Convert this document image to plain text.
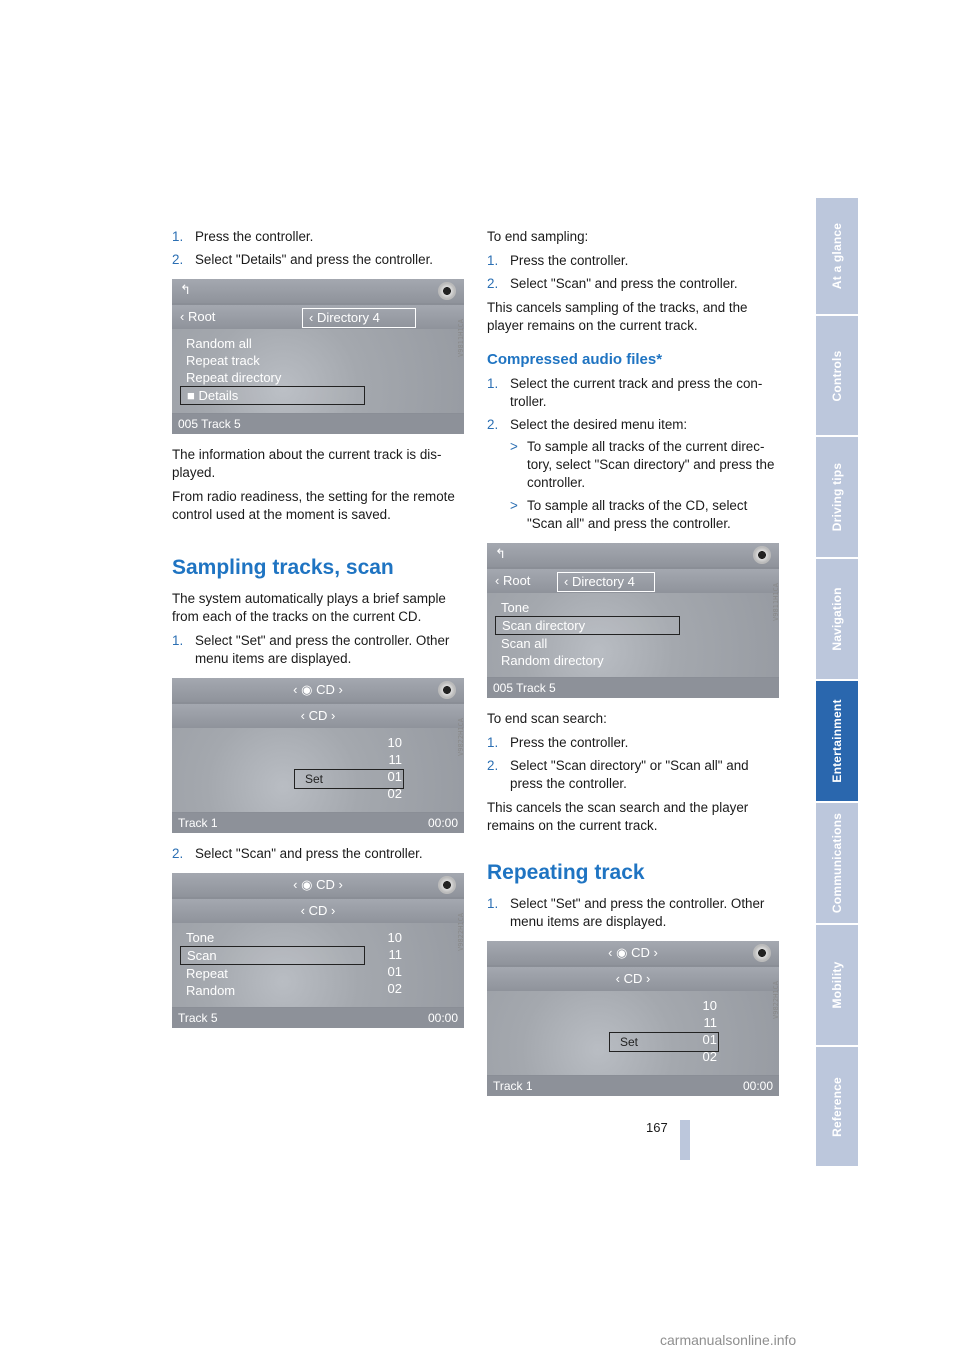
1. Press the controller.
2. Select "Details" and press the controller.
↰
‹ Root	‹ Directory 4
Random all
Repeat track
Repeat directory
■ Details
005 Track 5
V9811H1CA

The information about the current track is dis-played.

From radio readiness, the setting for the remote control used at the moment is saved.

Sampling tracks, scan

The system automatically plays a brief sample from each of the tracks on the current CD.

1. Select "Set" and press the controller. Other menu items are displayed.
‹ ◉ CD ›
‹ CD ›
10
11
01
02
Set
Track 1	00:00
V9822H1CA
2. Select "Scan" and press the controller.
‹ ◉ CD ›
‹ CD ›
Tone
Scan
Repeat
Random
10
11
01
02
Track 5	00:00
V9822H1CA

To end sampling:

1. Press the controller.
2. Select "Scan" and press the controller.

This cancels sampling of the tracks, and the player remains on the current track.

Compressed audio files*
1. Select the current track and press the con-troller.
2. Select the desired menu item:
> To sample all tracks of the current direc-tory, select "Scan directory" and press the controller.
> To sample all tracks of the CD, select "Scan all" and press the controller.
↰
‹ Root	‹ Directory 4
Tone
Scan directory
Scan all
Random directory
005 Track 5
V9811H1CA

To end scan search:

1. Press the controller.
2. Select "Scan directory" or "Scan all" and press the controller.

This cancels the scan search and the player remains on the current track.

Repeating track
1. Select "Set" and press the controller. Other menu items are displayed.
‹ ◉ CD ›
‹ CD ›
10
11
01
02
Set
Track 1	00:00
V9822H1CA
At a glance
Controls
Driving tips
Navigation
Entertainment
Communications
Mobility
Reference
167
carmanualsonline.info
